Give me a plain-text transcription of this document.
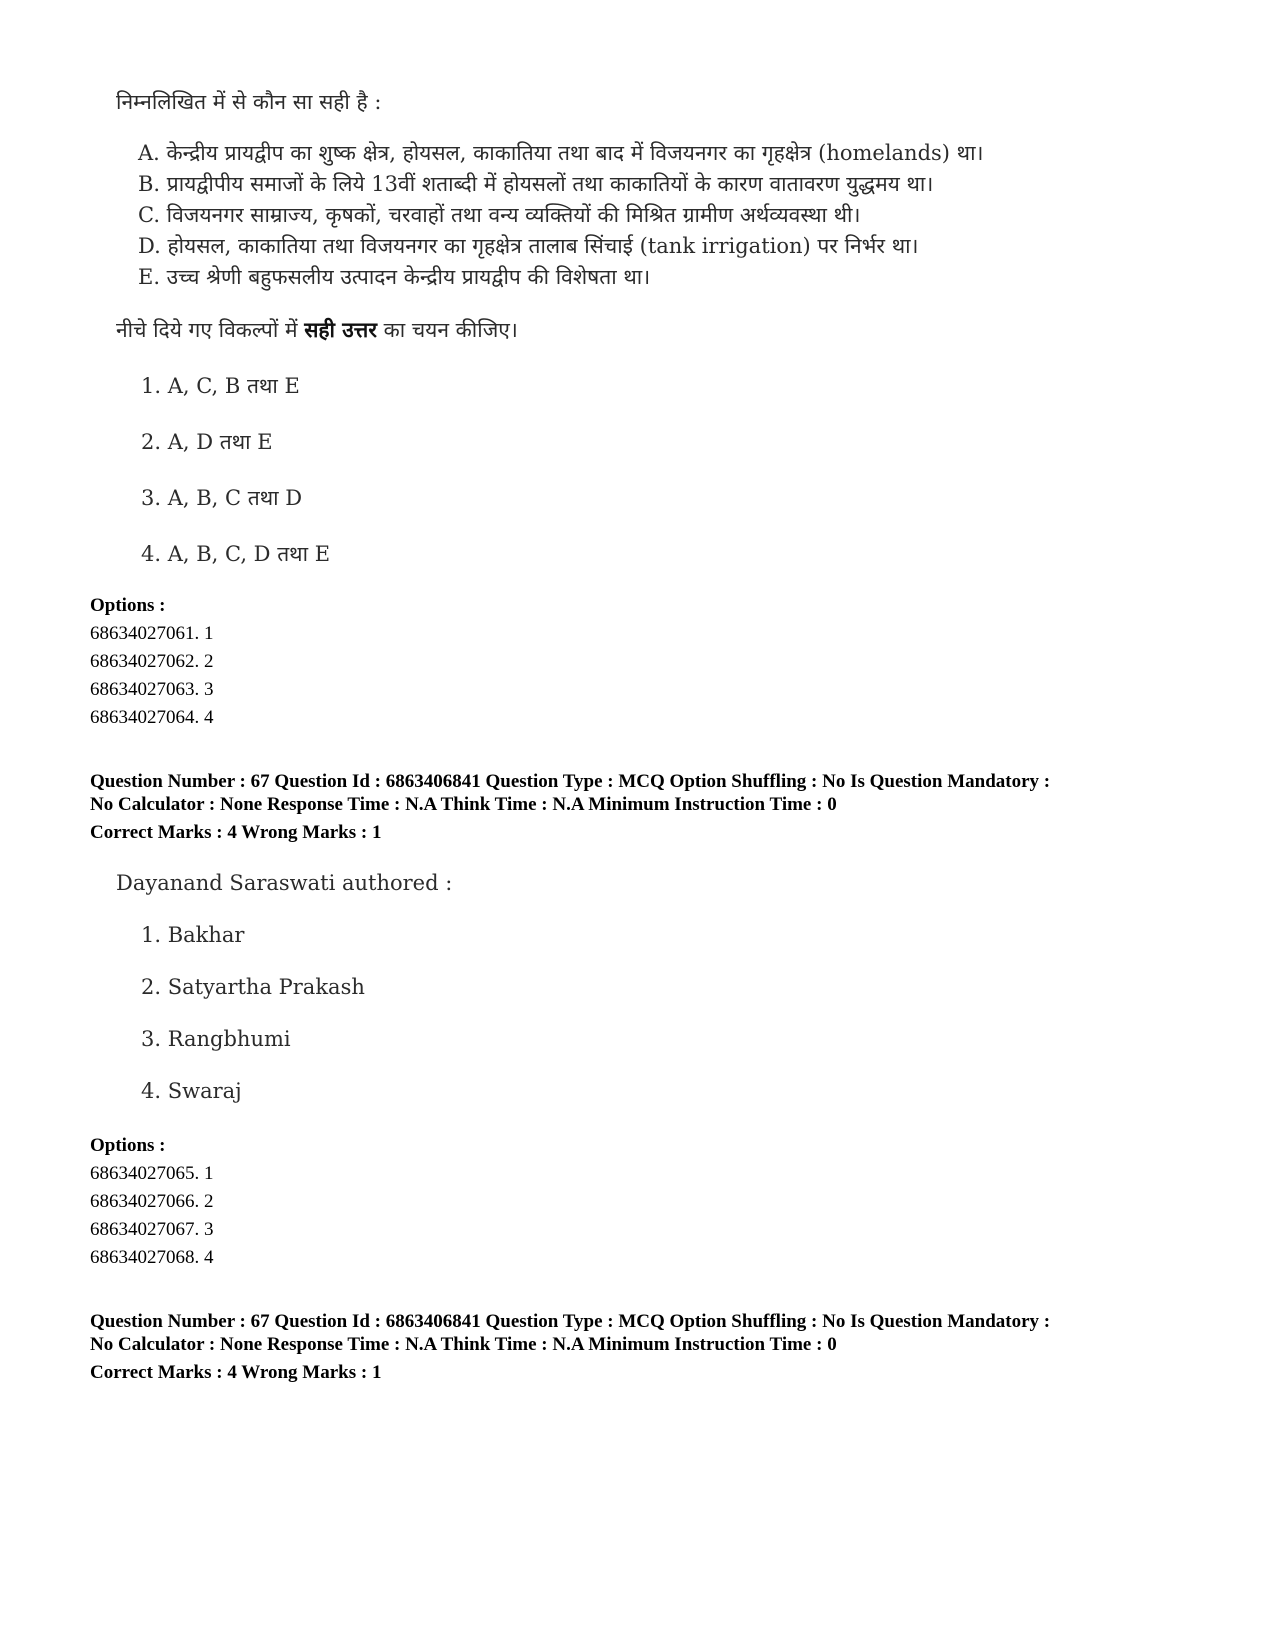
निम्नलिखित में से कौन सा सही है :
A. केन्द्रीय प्रायद्वीप का शुष्क क्षेत्र, होयसल, काकातिया तथा बाद में विजयनगर का गृहक्षेत्र (homelands) था।
B. प्रायद्वीपीय समाजों के लिये 13वीं शताब्दी में होयसलों तथा काकातियों के कारण वातावरण युद्धमय था।
C. विजयनगर साम्राज्य, कृषकों, चरवाहों तथा वन्य व्यक्तियों की मिश्रित ग्रामीण अर्थव्यवस्था थी।
D. होयसल, काकातिया तथा विजयनगर का गृहक्षेत्र तालाब सिंचाई (tank irrigation) पर निर्भर था।
E. उच्च श्रेणी बहुफसलीय उत्पादन केन्द्रीय प्रायद्वीप की विशेषता था।
नीचे दिये गए विकल्पों में सही उत्तर का चयन कीजिए।
1. A, C, B तथा E
2. A, D तथा E
3. A, B, C तथा D
4. A, B, C, D तथा E
Options :
68634027061. 1
68634027062. 2
68634027063. 3
68634027064. 4
Question Number : 67 Question Id : 6863406841 Question Type : MCQ Option Shuffling : No Is Question Mandatory :
No Calculator : None Response Time : N.A Think Time : N.A Minimum Instruction Time : 0
Correct Marks : 4 Wrong Marks : 1
Dayanand Saraswati authored :
1. Bakhar
2. Satyartha Prakash
3. Rangbhumi
4. Swaraj
Options :
68634027065. 1
68634027066. 2
68634027067. 3
68634027068. 4
Question Number : 67 Question Id : 6863406841 Question Type : MCQ Option Shuffling : No Is Question Mandatory :
No Calculator : None Response Time : N.A Think Time : N.A Minimum Instruction Time : 0
Correct Marks : 4 Wrong Marks : 1
